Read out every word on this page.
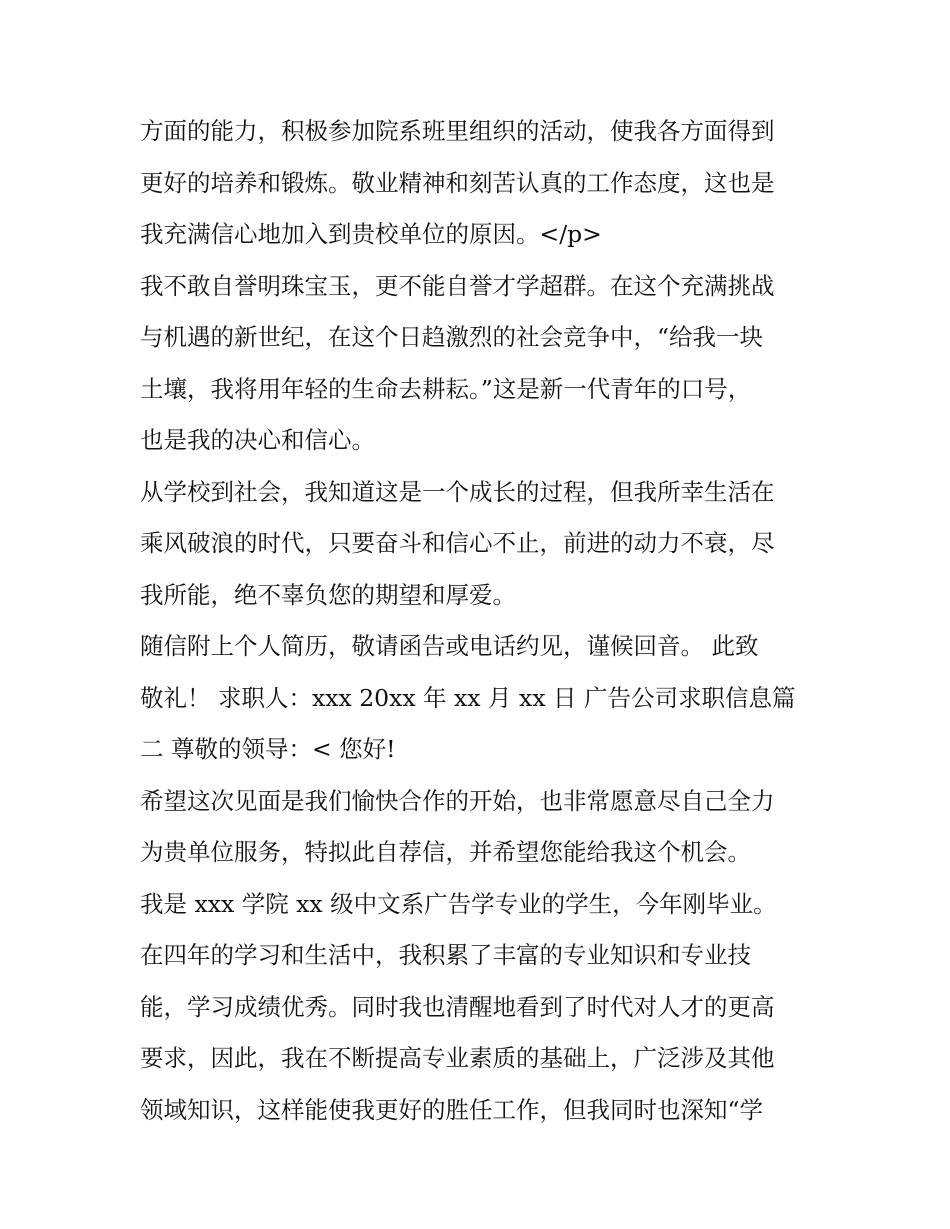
方面的能力，积极参加院系班里组织的活动，使我各方面得到
更好的培养和锻炼。敬业精神和刻苦认真的工作态度，这也是
我充满信心地加入到贵校单位的原因。</p>
我不敢自誉明珠宝玉，更不能自誉才学超群。在这个充满挑战
与机遇的新世纪，在这个日趋激烈的社会竞争中，“给我一块
土壤，我将用年轻的生命去耕耘。”这是新一代青年的口号，
也是我的决心和信心。
从学校到社会，我知道这是一个成长的过程，但我所幸生活在
乘风破浪的时代，只要奋斗和信心不止，前进的动力不衰，尽
我所能，绝不辜负您的期望和厚爱。
随信附上个人简历，敬请函告或电话约见，谨候回音。 此致
敬礼！ 求职人：xxx 20xx 年 xx 月 xx 日 广告公司求职信息篇
二 尊敬的领导：< 您好!
希望这次见面是我们愉快合作的开始，也非常愿意尽自己全力
为贵单位服务，特拟此自荐信，并希望您能给我这个机会。
我是 xxx 学院 xx 级中文系广告学专业的学生，今年刚毕业。
在四年的学习和生活中，我积累了丰富的专业知识和专业技
能，学习成绩优秀。同时我也清醒地看到了时代对人才的更高
要求，因此，我在不断提高专业素质的基础上，广泛涉及其他
领域知识，这样能使我更好的胜任工作，但我同时也深知“学
